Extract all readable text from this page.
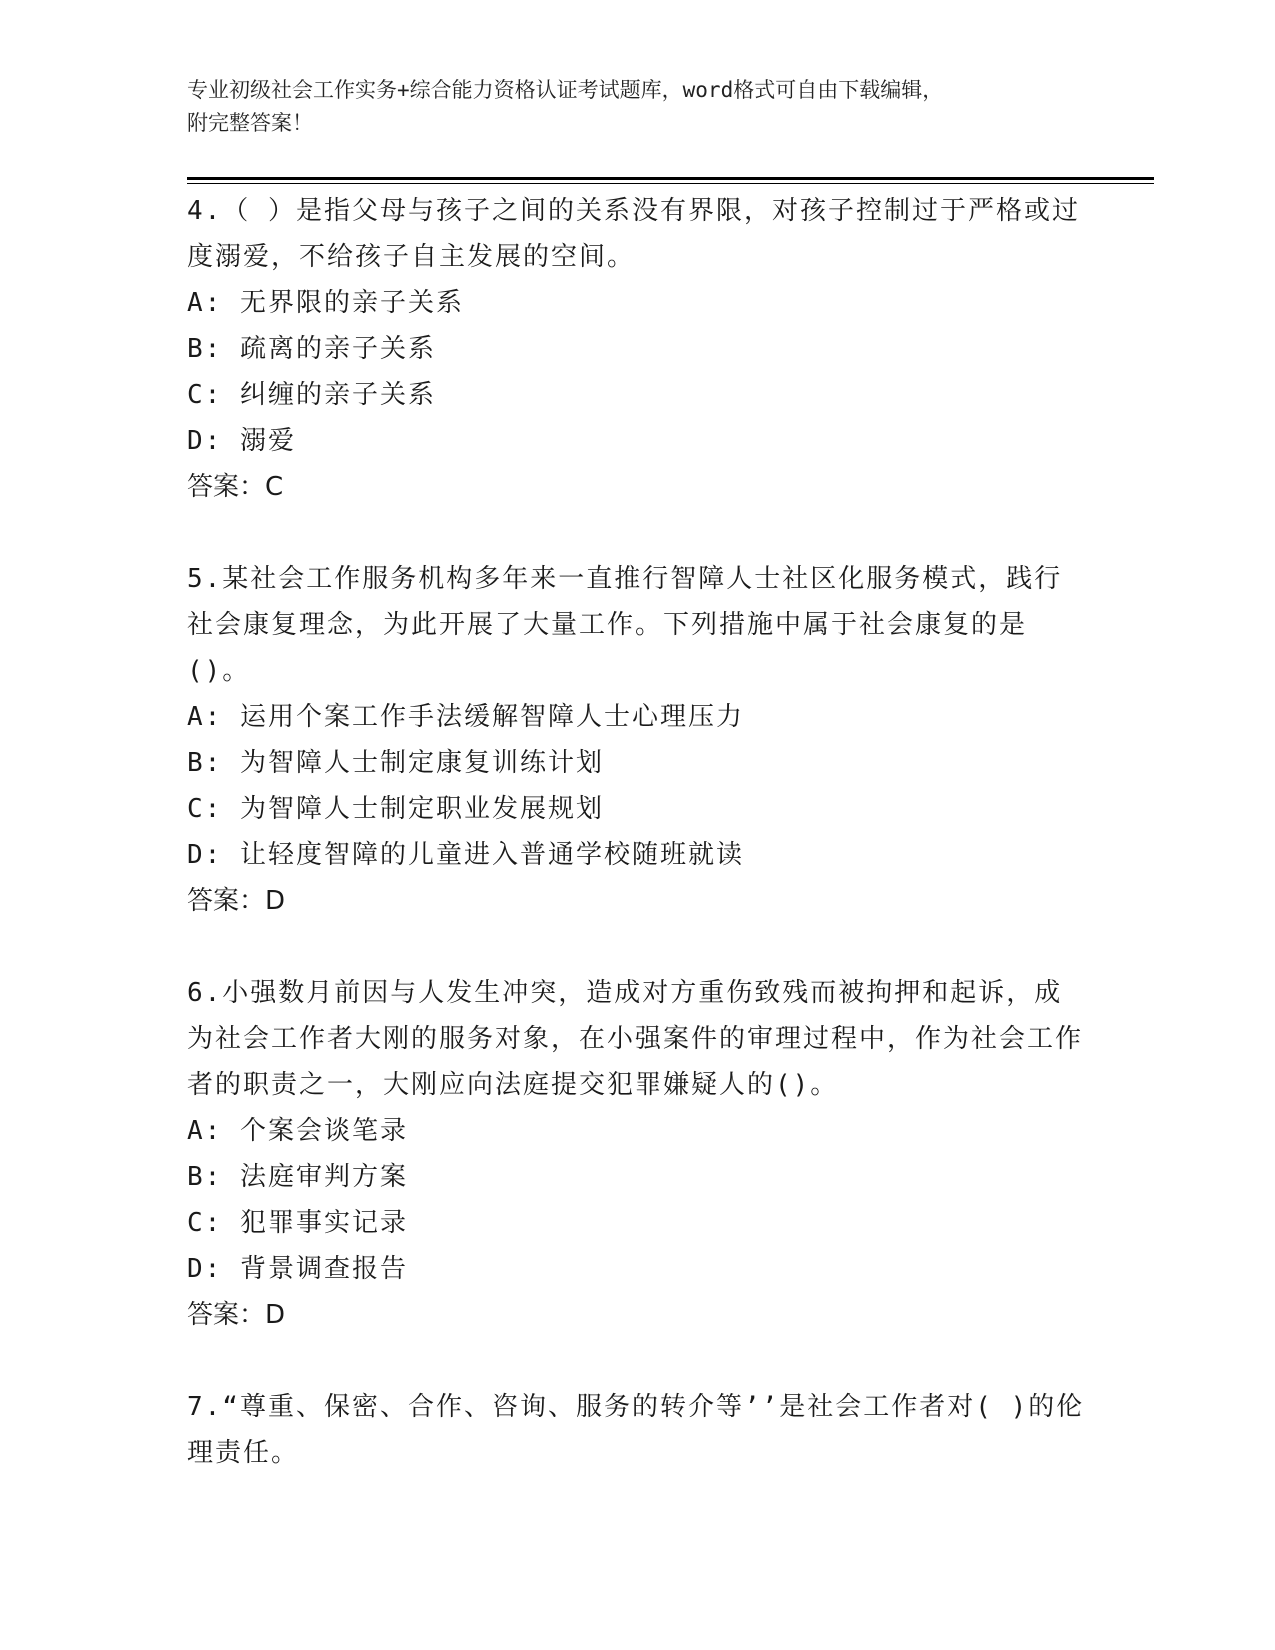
专业初级社会工作实务+综合能力资格认证考试题库，word格式可自由下载编辑，
附完整答案！

4.（ ）是指父母与孩子之间的关系没有界限，对孩子控制过于严格或过度溺爱，不给孩子自主发展的空间。

A: 无界限的亲子关系

B: 疏离的亲子关系

C: 纠缠的亲子关系

D: 溺爱

答案：C

5.某社会工作服务机构多年来一直推行智障人士社区化服务模式，践行社会康复理念，为此开展了大量工作。下列措施中属于社会康复的是()。

A: 运用个案工作手法缓解智障人士心理压力

B: 为智障人士制定康复训练计划

C: 为智障人士制定职业发展规划

D: 让轻度智障的儿童进入普通学校随班就读

答案：D

6.小强数月前因与人发生冲突，造成对方重伤致残而被拘押和起诉，成为社会工作者大刚的服务对象，在小强案件的审理过程中，作为社会工作者的职责之一，大刚应向法庭提交犯罪嫌疑人的()。

A: 个案会谈笔录

B: 法庭审判方案

C: 犯罪事实记录

D: 背景调查报告

答案：D

7.“尊重、保密、合作、咨询、服务的转介等’’是社会工作者对( )的伦理责任。
